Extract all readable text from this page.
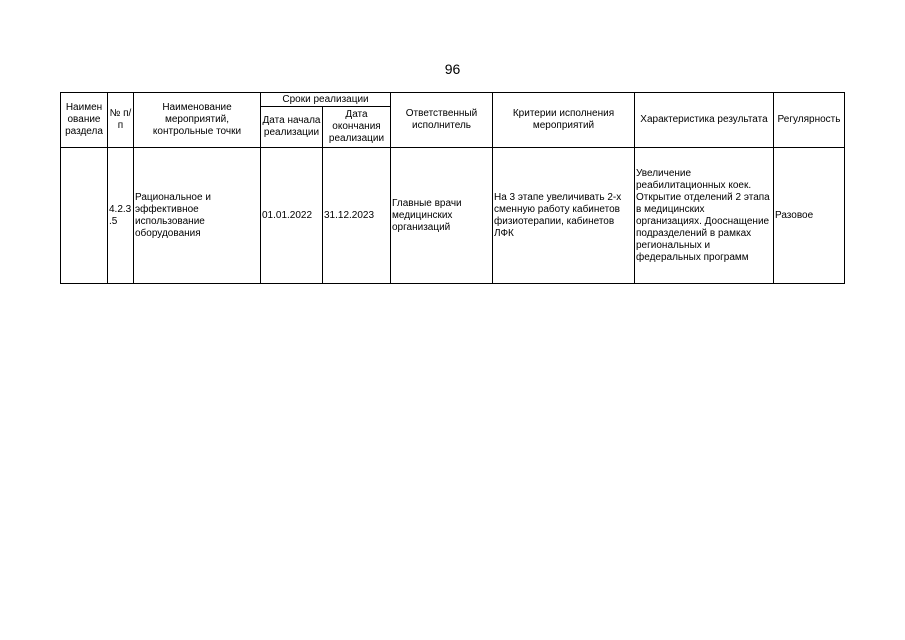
96
Наимен ование раздела	№ п/п	Наименование мероприятий, контрольные точки	Сроки реализации		Ответственный исполнитель	Критерии исполнения мероприятий	Характеристика результата	Регулярность
			Дата начала реализации	Дата окончания реализации				
	4.2.3 .5	Рациональное и эффективное использование оборудования	01.01.2022	31.12.2023	Главные врачи медицинских организаций	На 3 этапе увеличивать 2-х сменную работу кабинетов физиотерапии, кабинетов ЛФК	Увеличение реабилитационных коек. Открытие отделений 2 этапа в медицинских организациях. Дооснащение подразделений в рамках региональных и федеральных программ	Разовое
